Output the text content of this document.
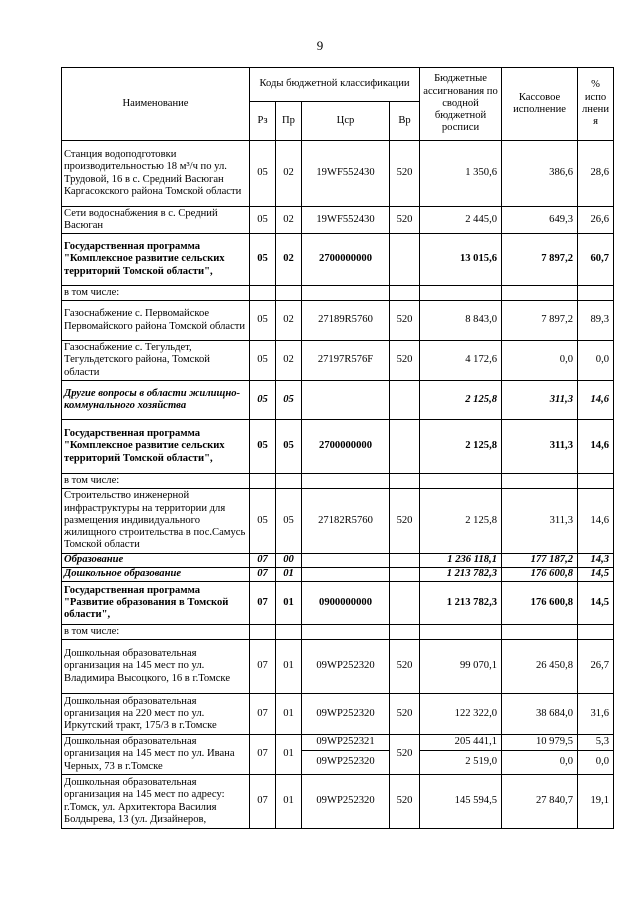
9
Наименование	Коды бюджетной классификации				Бюджетные ассигнования по сводной бюджетной росписи	Кассовое исполнение	% испо лнения
	Рз	Пр	Цср	Вр			
Станция водоподготовки производительностью 18 м³/ч по ул. Трудовой, 16 в с. Средний Васюган Каргасокского района Томской области	05	02	19WF552430	520	1 350,6	386,6	28,6
Сети водоснабжения в с. Средний Васюган	05	02	19WF552430	520	2 445,0	649,3	26,6
Государственная программа "Комплексное развитие сельских территорий Томской области",	05	02	2700000000		13 015,6	7 897,2	60,7
в том числе:							
Газоснабжение с. Первомайское Первомайского района Томской области	05	02	27189R5760	520	8 843,0	7 897,2	89,3
Газоснабжение с. Тегульдет, Тегульдетского района, Томской области	05	02	27197R576F	520	4 172,6	0,0	0,0
Другие вопросы в области жилищно-коммунального хозяйства	05	05			2 125,8	311,3	14,6
Государственная программа "Комплексное развитие сельских территорий Томской области",	05	05	2700000000		2 125,8	311,3	14,6
в том числе:							
Строительство инженерной инфраструктуры на территории для размещения индивидуального жилищного строительства в пос.Самусь Томской области	05	05	27182R5760	520	2 125,8	311,3	14,6
Образование	07	00			1 236 118,1	177 187,2	14,3
Дошкольное образование	07	01			1 213 782,3	176 600,8	14,5
Государственная программа "Развитие образования в Томской области",	07	01	0900000000		1 213 782,3	176 600,8	14,5
в том числе:							
Дошкольная образовательная организация на 145 мест по ул. Владимира Высоцкого, 16 в г.Томске	07	01	09WP252320	520	99 070,1	26 450,8	26,7
Дошкольная образовательная организация на 220 мест по ул. Иркутский тракт, 175/3 в г.Томске	07	01	09WP252320	520	122 322,0	38 684,0	31,6
Дошкольная образовательная организация на 145 мест по ул. Ивана Черных, 73 в г.Томске	07	01	09WP252321	520	205 441,1	10 979,5	5,3
			09WP252320		2 519,0	0,0	0,0
Дошкольная образовательная организация на 145 мест по адресу: г.Томск, ул. Архитектора Василия Болдырева, 13 (ул. Дизайнеров,	07	01	09WP252320	520	145 594,5	27 840,7	19,1
